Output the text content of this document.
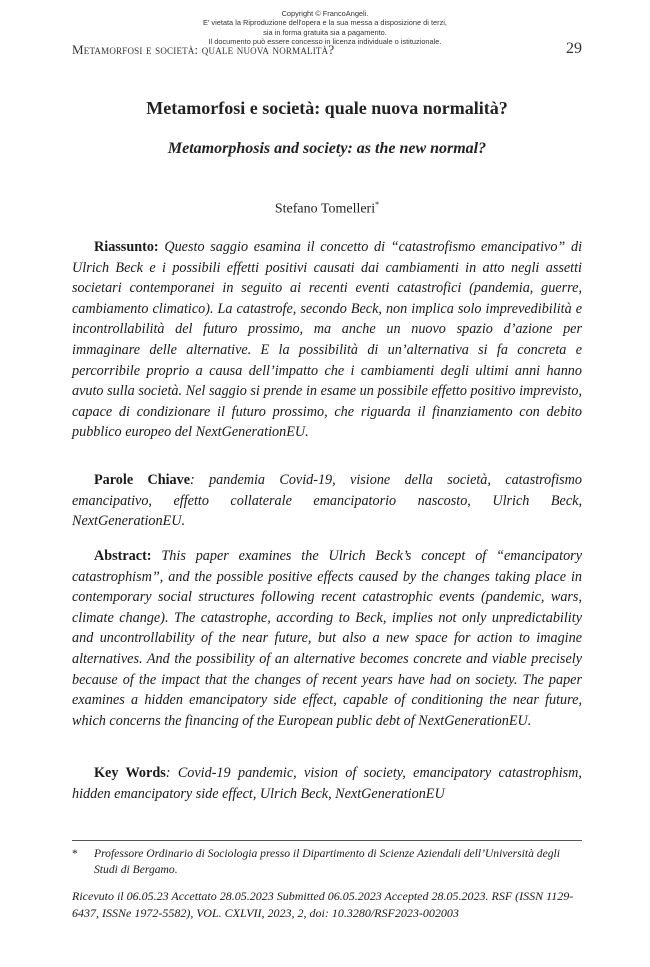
Copyright © FrancoAngeli.
E' vietata la Riproduzione dell'opera e la sua messa a disposizione di terzi,
sia in forma gratuita sia a pagamento.
Il documento può essere concesso in licenza individuale o istituzionale.
Metamorfosi e società: quale nuova normalità?	29
Metamorfosi e società: quale nuova normalità?
Metamorphosis and society: as the new normal?
Stefano Tomelleri*

Riassunto: Questo saggio esamina il concetto di “catastrofismo emancipativo” di Ulrich Beck e i possibili effetti positivi causati dai cambiamenti in atto negli assetti societari contemporanei in seguito ai recenti eventi catastrofici (pandemia, guerre, cambiamento climatico). La catastrofe, secondo Beck, non implica solo imprevedibilità e incontrollabilità del futuro prossimo, ma anche un nuovo spazio d’azione per immaginare delle alternative. E la possibilità di un’alternativa si fa concreta e percorribile proprio a causa dell’impatto che i cambiamenti degli ultimi anni hanno avuto sulla società. Nel saggio si prende in esame un possibile effetto positivo imprevisto, capace di condizionare il futuro prossimo, che riguarda il finanziamento con debito pubblico europeo del NextGenerationEU.

Parole Chiave: pandemia Covid-19, visione della società, catastrofismo emancipativo, effetto collaterale emancipatorio nascosto, Ulrich Beck, NextGenerationEU.

Abstract: This paper examines the Ulrich Beck’s concept of “emancipatory catastrophism”, and the possible positive effects caused by the changes taking place in contemporary social structures following recent catastrophic events (pandemic, wars, climate change). The catastrophe, according to Beck, implies not only unpredictability and uncontrollability of the near future, but also a new space for action to imagine alternatives. And the possibility of an alternative becomes concrete and viable precisely because of the impact that the changes of recent years have had on society. The paper examines a hidden emancipatory side effect, capable of conditioning the near future, which concerns the financing of the European public debt of NextGenerationEU.

Key Words: Covid-19 pandemic, vision of society, emancipatory catastrophism, hidden emancipatory side effect, Ulrich Beck, NextGenerationEU

*	Professore Ordinario di Sociologia presso il Dipartimento di Scienze Aziendali dell’Università degli Studi di Bergamo.
Ricevuto il 06.05.23 Accettato 28.05.2023 Submitted 06.05.2023 Accepted 28.05.2023. RSF (ISSN 1129-6437, ISSNe 1972-5582), VOL. CXLVII, 2023, 2, doi: 10.3280/RSF2023-002003
